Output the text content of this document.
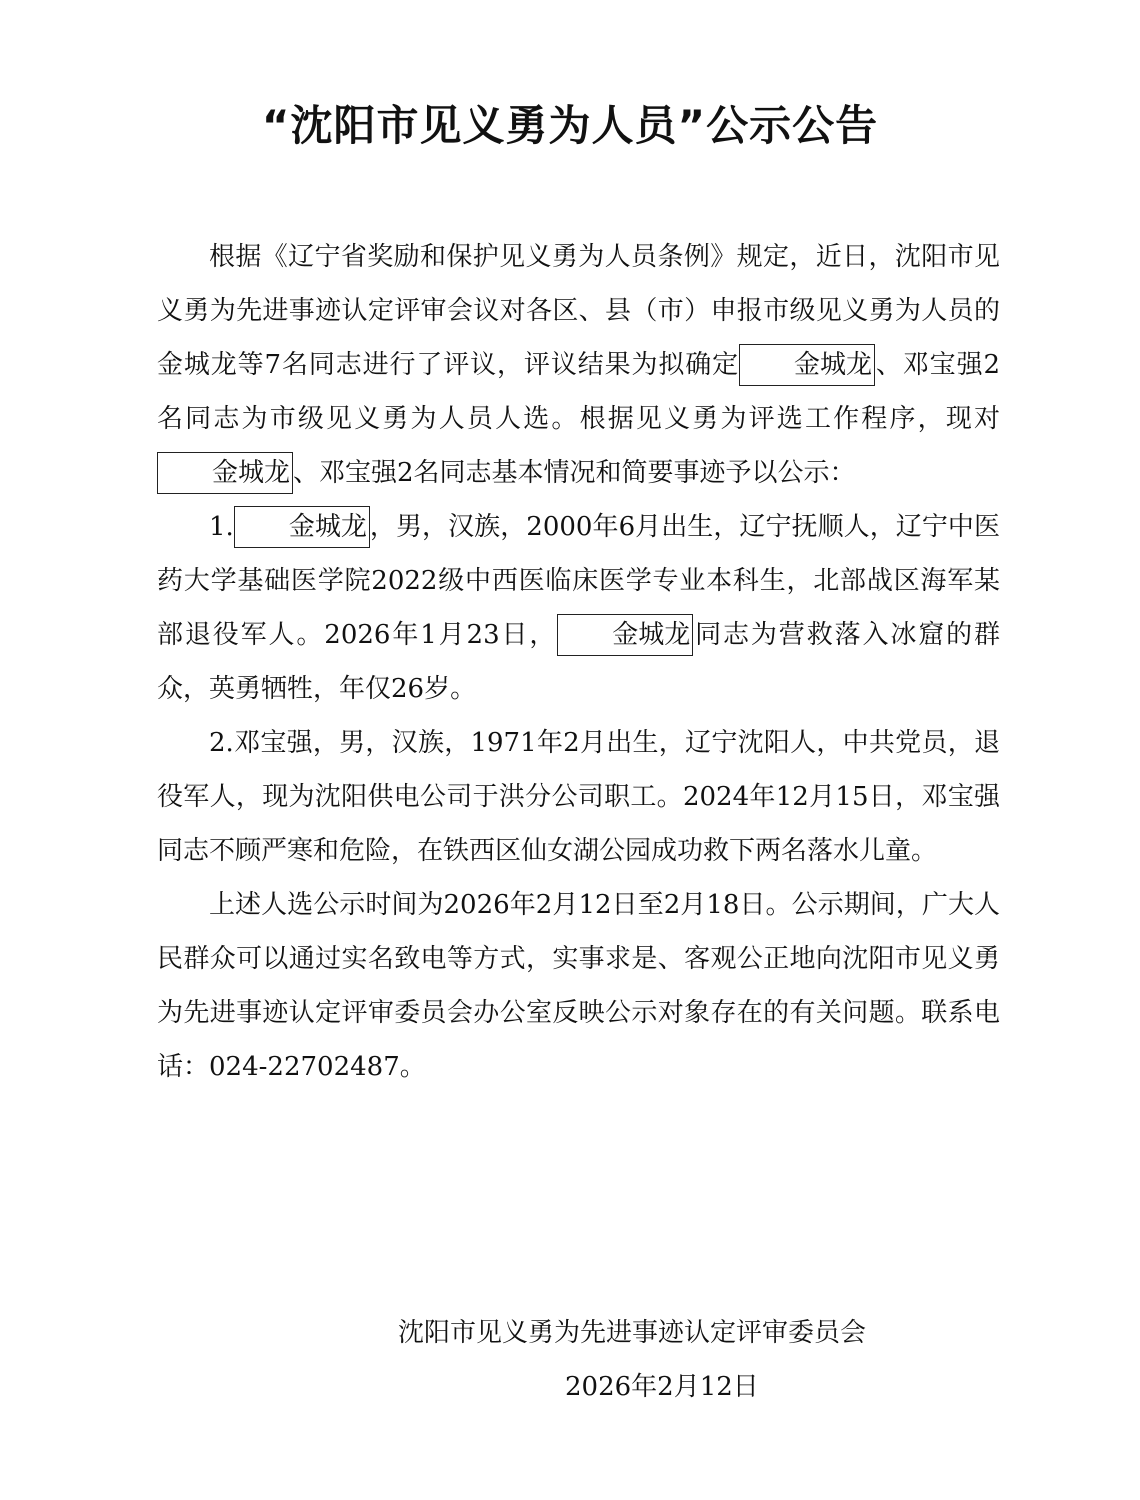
“沈阳市见义勇为人员”公示公告

根据《辽宁省奖励和保护见义勇为人员条例》规定，近日，沈阳市见义勇为先进事迹认定评审会议对各区、县（市）申报市级见义勇为人员的金城龙等7名同志进行了评议，评议结果为拟确定 金城龙 、邓宝强2名同志为市级见义勇为人员人选。根据见义勇为评选工作程序，现对金城龙 、邓宝强2名同志基本情况和简要事迹予以公示：

1. 金城龙 ，男，汉族，2000年6月出生，辽宁抚顺人，辽宁中医药大学基础医学院2022级中西医临床医学专业本科生，北部战区海军某部退役军人。2026年1月23日， 金城龙 同志为营救落入冰窟的群众，英勇牺牲，年仅26岁。

2.邓宝强，男，汉族，1971年2月出生，辽宁沈阳人，中共党员，退役军人，现为沈阳供电公司于洪分公司职工。2024年12月15日，邓宝强同志不顾严寒和危险，在铁西区仙女湖公园成功救下两名落水儿童。

上述人选公示时间为2026年2月12日至2月18日。公示期间，广大人民群众可以通过实名致电等方式，实事求是、客观公正地向沈阳市见义勇为先进事迹认定评审委员会办公室反映公示对象存在的有关问题。联系电话：024-22702487。

沈阳市见义勇为先进事迹认定评审委员会
2026年2月12日
